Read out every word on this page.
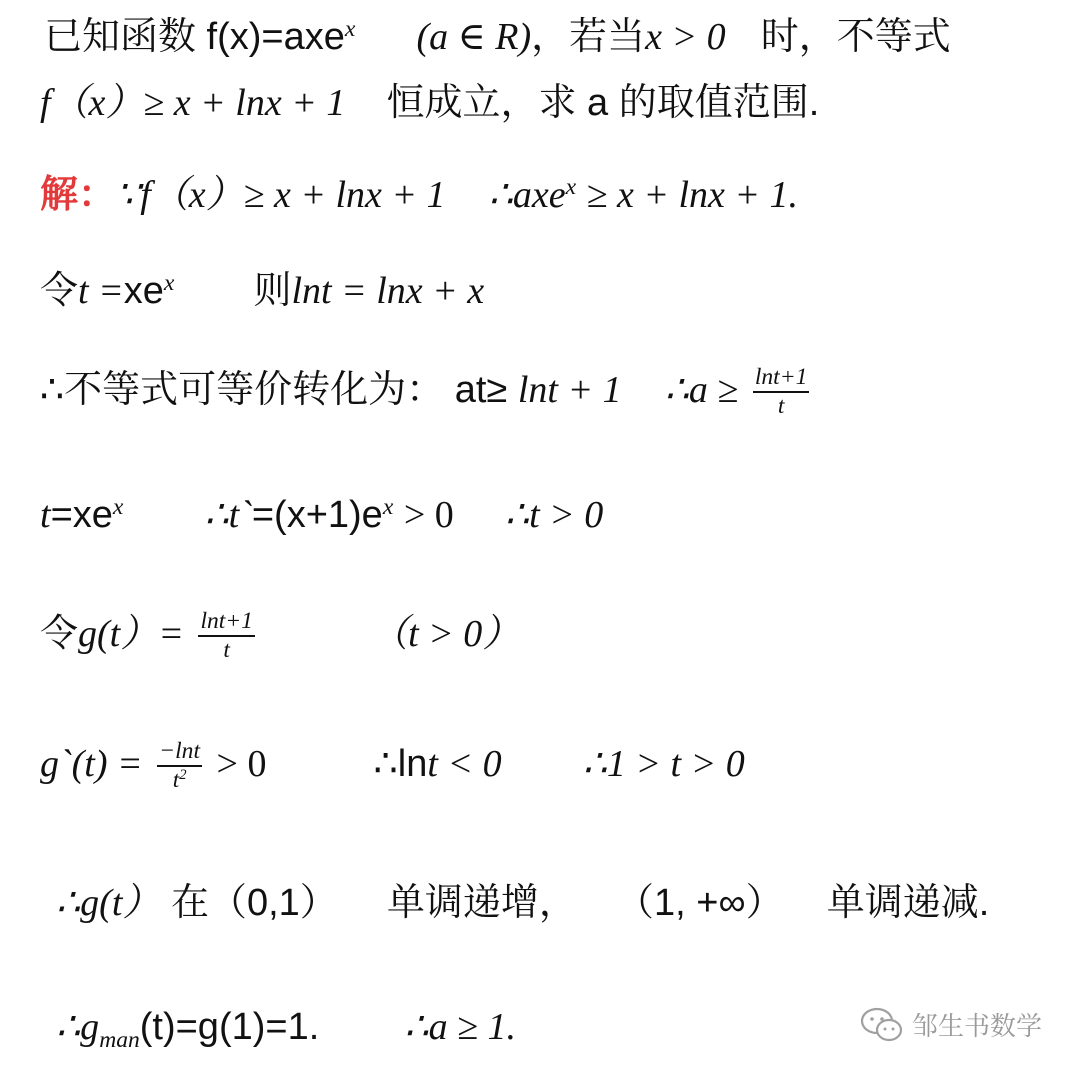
已知函数 f(x)=axe$^x$ (a ∈ R)，若当x > 0 时，不等式
f（x）≥ x + lnx + 1 恒成立，求 a 的取值范围.
解：∵f（x）≥ x + lnx + 1 ∴axe$^x$ ≥ x + lnx + 1.
令$t =xe^x$ 则lnt = lnx + x
∴不等式可等价转化为： at≥ lnt + 1 ∴a ≥ $\frac{\ln t+1}{t}$
$t=xe^x$ $\therefore t`=(x+1)e^x > 0$ ∴t > 0
令$g(t)= \frac{\ln t+1}{t}$	（t > 0）
g`(t) = $\frac{-\ln t}{t^2} > 0$	∴lnt < 0 ∴1 > t > 0
∴g(t） 在（0,1） 单调递增， （1, +∞） 单调递减.
$\therefore g_{man}(t)=g(1)=1$. ∴a ≥ 1.	邹生书数学
